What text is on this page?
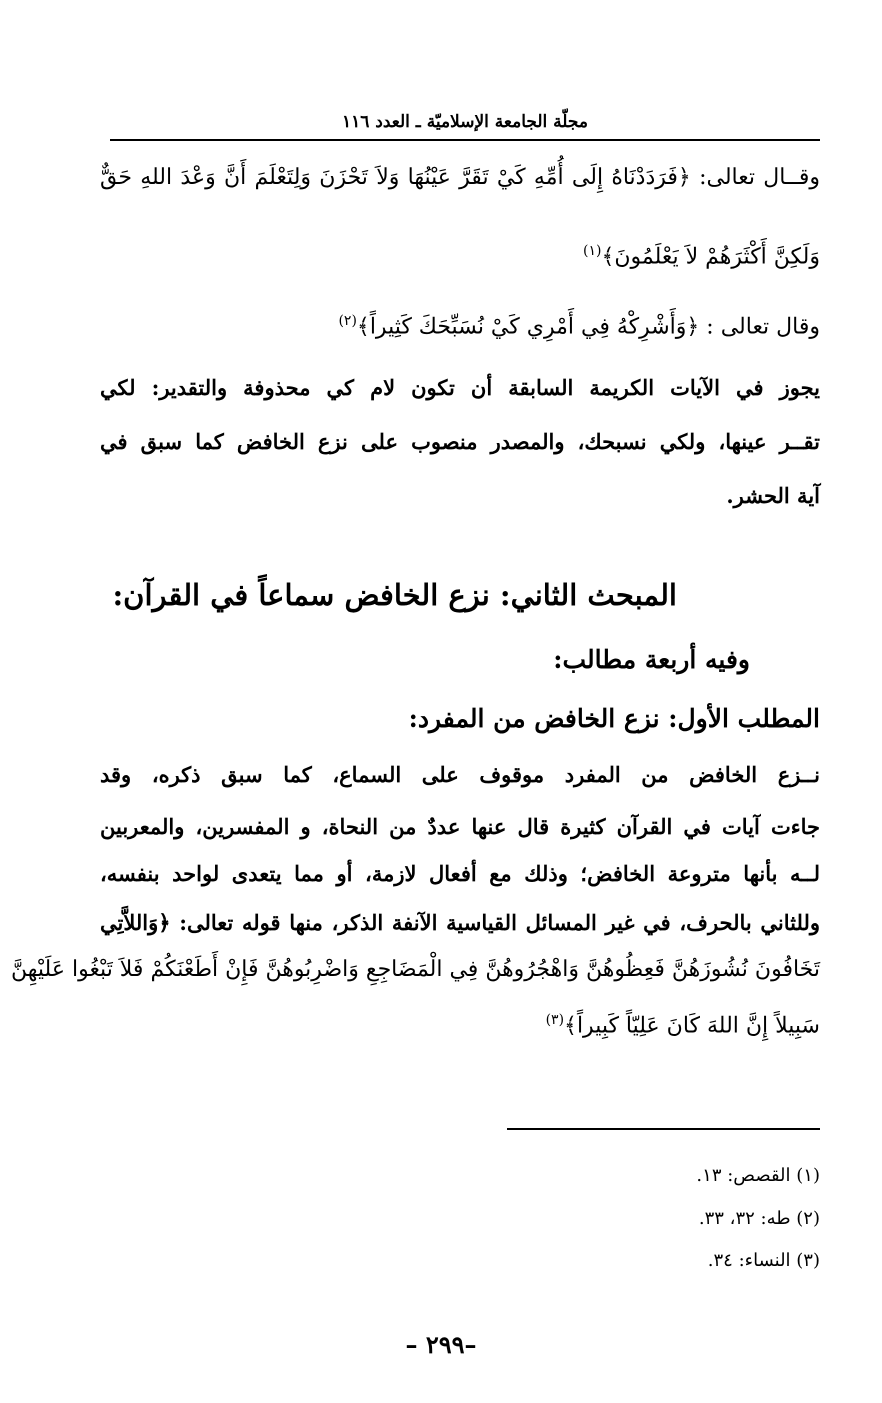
مجلّة الجامعة الإسلاميّة ـ العدد ١١٦
وقــال تعالى: ﴿فَرَدَدْنَاهُ إِلَى أُمِّهِ كَيْ تَقَرَّ عَيْنُهَا وَلاَ تَحْزَنَ وَلِتَعْلَمَ أَنَّ وَعْدَ اللهِ حَقٌّ
وَلَكِنَّ أَكْثَرَهُمْ لاَ يَعْلَمُونَ﴾$^{(١)}$
وقال تعالى : ﴿وَأَشْرِكْهُ فِي أَمْرِي كَيْ نُسَبِّحَكَ كَثِيراً﴾$^{(٢)}$
يجوز في الآيات الكريمة السابقة أن تكون لام كي محذوفة والتقدير: لكي
تقــر عينها، ولكي نسبحك، والمصدر منصوب على نزع الخافض كما سبق في
آية الحشر.
المبحث الثاني: نزع الخافض سماعاً في القرآن:
وفيه أربعة مطالب:
المطلب الأول: نزع الخافض من المفرد:
نــزع الخافض من المفرد موقوف على السماع، كما سبق ذكره، وقد
جاءت آيات في القرآن كثيرة قال عنها عددٌ من النحاة، و المفسرين، والمعربين
لــه بأنها متروعة الخافض؛ وذلك مع أفعال لازمة، أو مما يتعدى لواحد بنفسه،
وللثاني بالحرف، في غير المسائل القياسية الآنفة الذكر، منها قوله تعالى: ﴿وَاللاَّتِي
تَخَافُونَ نُشُوزَهُنَّ فَعِظُوهُنَّ وَاهْجُرُوهُنَّ فِي الْمَضَاجِعِ وَاضْرِبُوهُنَّ فَإِنْ أَطَعْنَكُمْ فَلاَ تَبْغُوا عَلَيْهِنَّ
سَبِيلاً إِنَّ اللهَ كَانَ عَلِيّاً كَبِيراً﴾$^{(٣)}$
(١) القصص: ١٣.
(٢) طه: ٣٢، ٣٣.
(٣) النساء: ٣٤.
–٢٩٩ –
